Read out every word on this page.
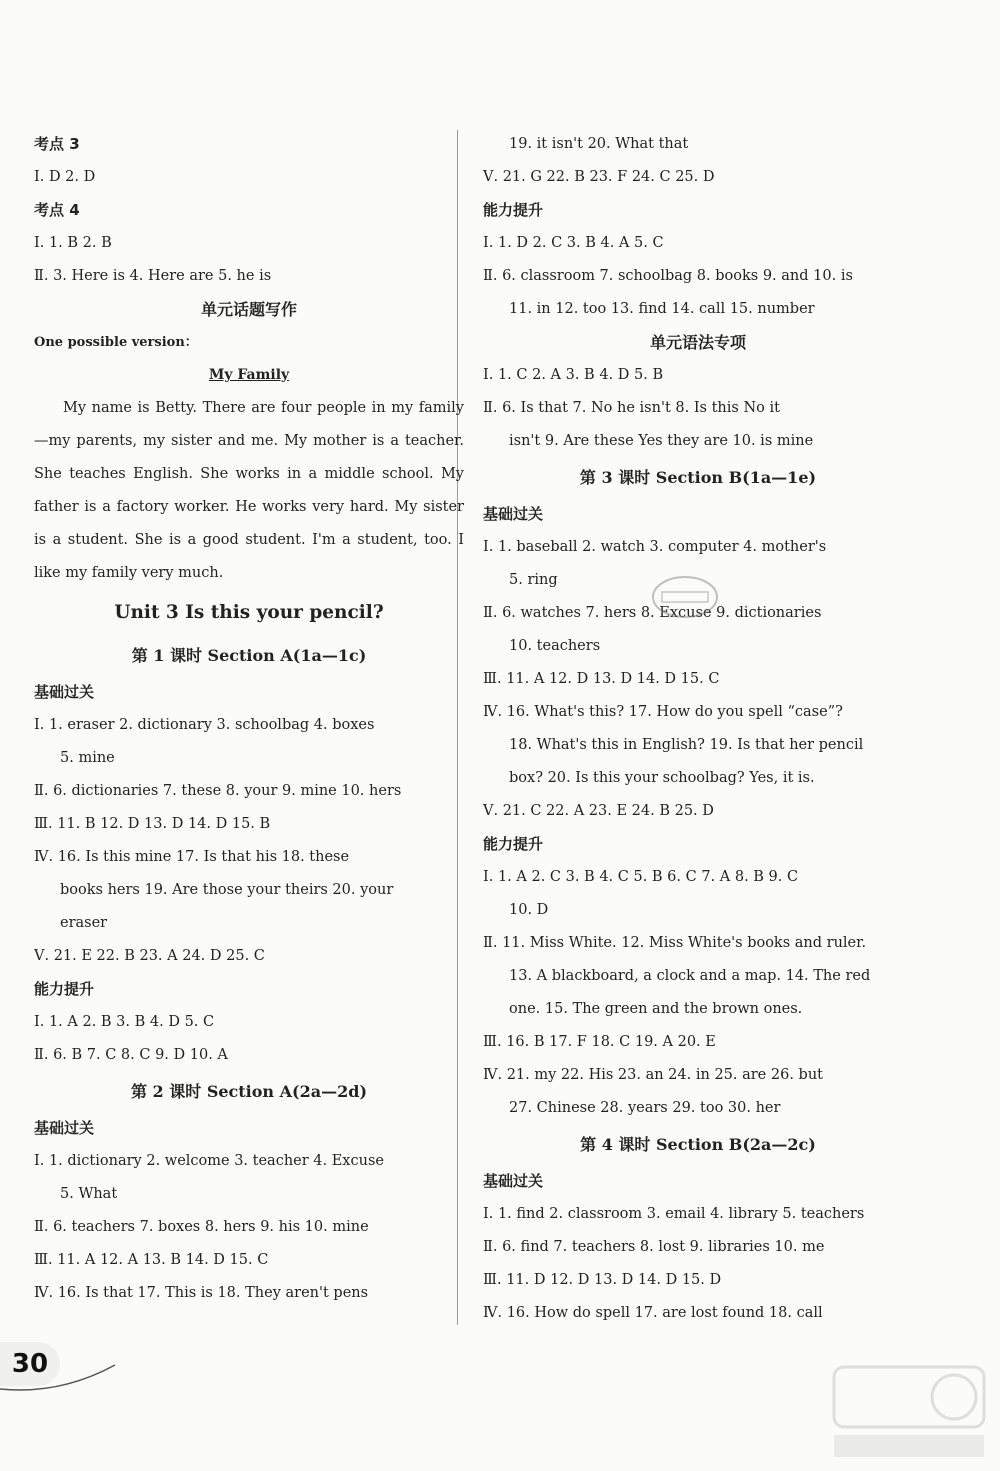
考点 3
Ⅰ. D 2. D
考点 4
Ⅰ. 1. B 2. B
Ⅱ. 3. Here is 4. Here are 5. he is
单元话题写作
One possible version：
My Family

My name is Betty. There are four people in my family—my parents, my sister and me. My mother is a teacher. She teaches English. She works in a middle school. My father is a factory worker. He works very hard. My sister is a student. She is a good student. I'm a student, too. I like my family very much.

Unit 3 Is this your pencil?
第 1 课时 Section A(1a—1c)
基础过关
Ⅰ. 1. eraser 2. dictionary 3. schoolbag 4. boxes
5. mine
Ⅱ. 6. dictionaries 7. these 8. your 9. mine 10. hers
Ⅲ. 11. B 12. D 13. D 14. D 15. B
Ⅳ. 16. Is this mine 17. Is that his 18. these
books hers 19. Are those your theirs 20. your
eraser
Ⅴ. 21. E 22. B 23. A 24. D 25. C
能力提升
Ⅰ. 1. A 2. B 3. B 4. D 5. C
Ⅱ. 6. B 7. C 8. C 9. D 10. A
第 2 课时 Section A(2a—2d)
基础过关
Ⅰ. 1. dictionary 2. welcome 3. teacher 4. Excuse
5. What
Ⅱ. 6. teachers 7. boxes 8. hers 9. his 10. mine
Ⅲ. 11. A 12. A 13. B 14. D 15. C
Ⅳ. 16. Is that 17. This is 18. They aren't pens
19. it isn't 20. What that
Ⅴ. 21. G 22. B 23. F 24. C 25. D
能力提升
Ⅰ. 1. D 2. C 3. B 4. A 5. C
Ⅱ. 6. classroom 7. schoolbag 8. books 9. and 10. is
11. in 12. too 13. find 14. call 15. number
单元语法专项
Ⅰ. 1. C 2. A 3. B 4. D 5. B
Ⅱ. 6. Is that 7. No he isn't 8. Is this No it
isn't 9. Are these Yes they are 10. is mine
第 3 课时 Section B(1a—1e)
基础过关
Ⅰ. 1. baseball 2. watch 3. computer 4. mother's
5. ring
Ⅱ. 6. watches 7. hers 8. Excuse 9. dictionaries
10. teachers
Ⅲ. 11. A 12. D 13. D 14. D 15. C
Ⅳ. 16. What's this? 17. How do you spell “case”?
18. What's this in English? 19. Is that her pencil
box? 20. Is this your schoolbag? Yes, it is.
Ⅴ. 21. C 22. A 23. E 24. B 25. D
能力提升
Ⅰ. 1. A 2. C 3. B 4. C 5. B 6. C 7. A 8. B 9. C
10. D
Ⅱ. 11. Miss White. 12. Miss White's books and ruler.
13. A blackboard, a clock and a map. 14. The red
one. 15. The green and the brown ones.
Ⅲ. 16. B 17. F 18. C 19. A 20. E
Ⅳ. 21. my 22. His 23. an 24. in 25. are 26. but
27. Chinese 28. years 29. too 30. her
第 4 课时 Section B(2a—2c)
基础过关
Ⅰ. 1. find 2. classroom 3. email 4. library 5. teachers
Ⅱ. 6. find 7. teachers 8. lost 9. libraries 10. me
Ⅲ. 11. D 12. D 13. D 14. D 15. D
Ⅳ. 16. How do spell 17. are lost found 18. call
30
